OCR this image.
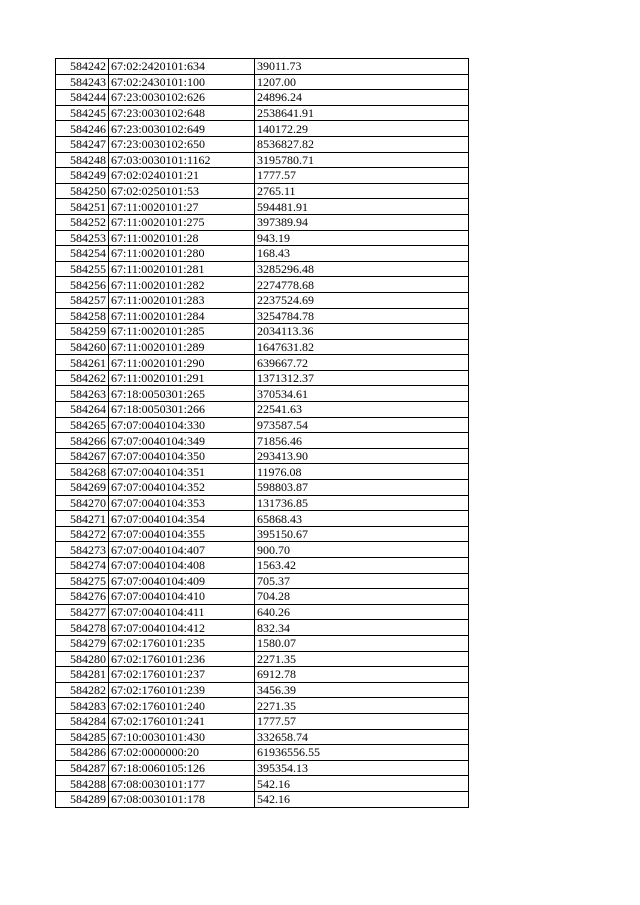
584242	67:02:2420101:634	39011.73
584243	67:02:2430101:100	1207.00
584244	67:23:0030102:626	24896.24
584245	67:23:0030102:648	2538641.91
584246	67:23:0030102:649	140172.29
584247	67:23:0030102:650	8536827.82
584248	67:03:0030101:1162	3195780.71
584249	67:02:0240101:21	1777.57
584250	67:02:0250101:53	2765.11
584251	67:11:0020101:27	594481.91
584252	67:11:0020101:275	397389.94
584253	67:11:0020101:28	943.19
584254	67:11:0020101:280	168.43
584255	67:11:0020101:281	3285296.48
584256	67:11:0020101:282	2274778.68
584257	67:11:0020101:283	2237524.69
584258	67:11:0020101:284	3254784.78
584259	67:11:0020101:285	2034113.36
584260	67:11:0020101:289	1647631.82
584261	67:11:0020101:290	639667.72
584262	67:11:0020101:291	1371312.37
584263	67:18:0050301:265	370534.61
584264	67:18:0050301:266	22541.63
584265	67:07:0040104:330	973587.54
584266	67:07:0040104:349	71856.46
584267	67:07:0040104:350	293413.90
584268	67:07:0040104:351	11976.08
584269	67:07:0040104:352	598803.87
584270	67:07:0040104:353	131736.85
584271	67:07:0040104:354	65868.43
584272	67:07:0040104:355	395150.67
584273	67:07:0040104:407	900.70
584274	67:07:0040104:408	1563.42
584275	67:07:0040104:409	705.37
584276	67:07:0040104:410	704.28
584277	67:07:0040104:411	640.26
584278	67:07:0040104:412	832.34
584279	67:02:1760101:235	1580.07
584280	67:02:1760101:236	2271.35
584281	67:02:1760101:237	6912.78
584282	67:02:1760101:239	3456.39
584283	67:02:1760101:240	2271.35
584284	67:02:1760101:241	1777.57
584285	67:10:0030101:430	332658.74
584286	67:02:0000000:20	61936556.55
584287	67:18:0060105:126	395354.13
584288	67:08:0030101:177	542.16
584289	67:08:0030101:178	542.16
